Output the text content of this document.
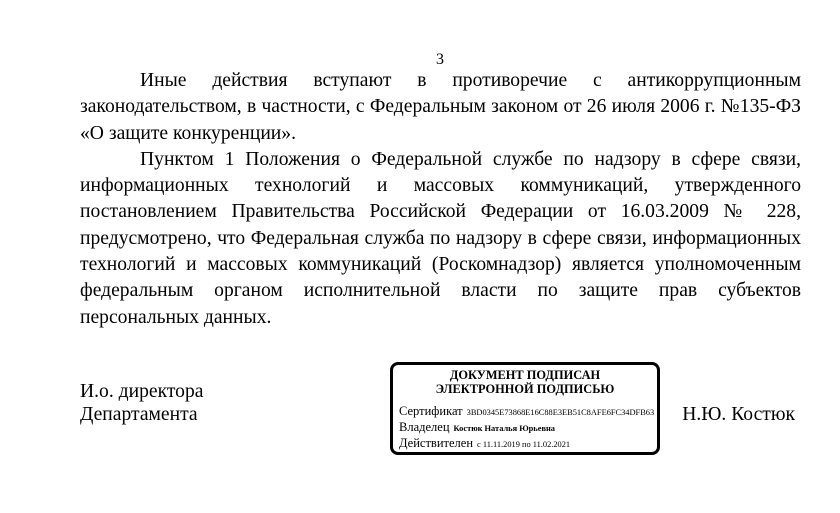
3

Иные действия вступают в противоречие с антикоррупционным законодательством, в частности, с Федеральным законом от 26 июля 2006 г. №135-ФЗ «О защите конкуренции».

Пунктом 1 Положения о Федеральной службе по надзору в сфере связи, информационных технологий и массовых коммуникаций, утвержденного постановлением Правительства Российской Федерации от 16.03.2009 № 228, предусмотрено, что Федеральная служба по надзору в сфере связи, информационных технологий и массовых коммуникаций (Роскомнадзор) является уполномоченным федеральным органом исполнительной власти по защите прав субъектов персональных данных.

И.о. директора
Департамента
ДОКУМЕНТ ПОДПИСАН
ЭЛЕКТРОННОЙ ПОДПИСЬЮ
Сертификат 3BD0345E73868E16C88E3EB51C8AFE6FC34DFB63
Владелец Костюк Наталья Юрьевна
Действителен с 11.11.2019 по 11.02.2021
Н.Ю. Костюк
